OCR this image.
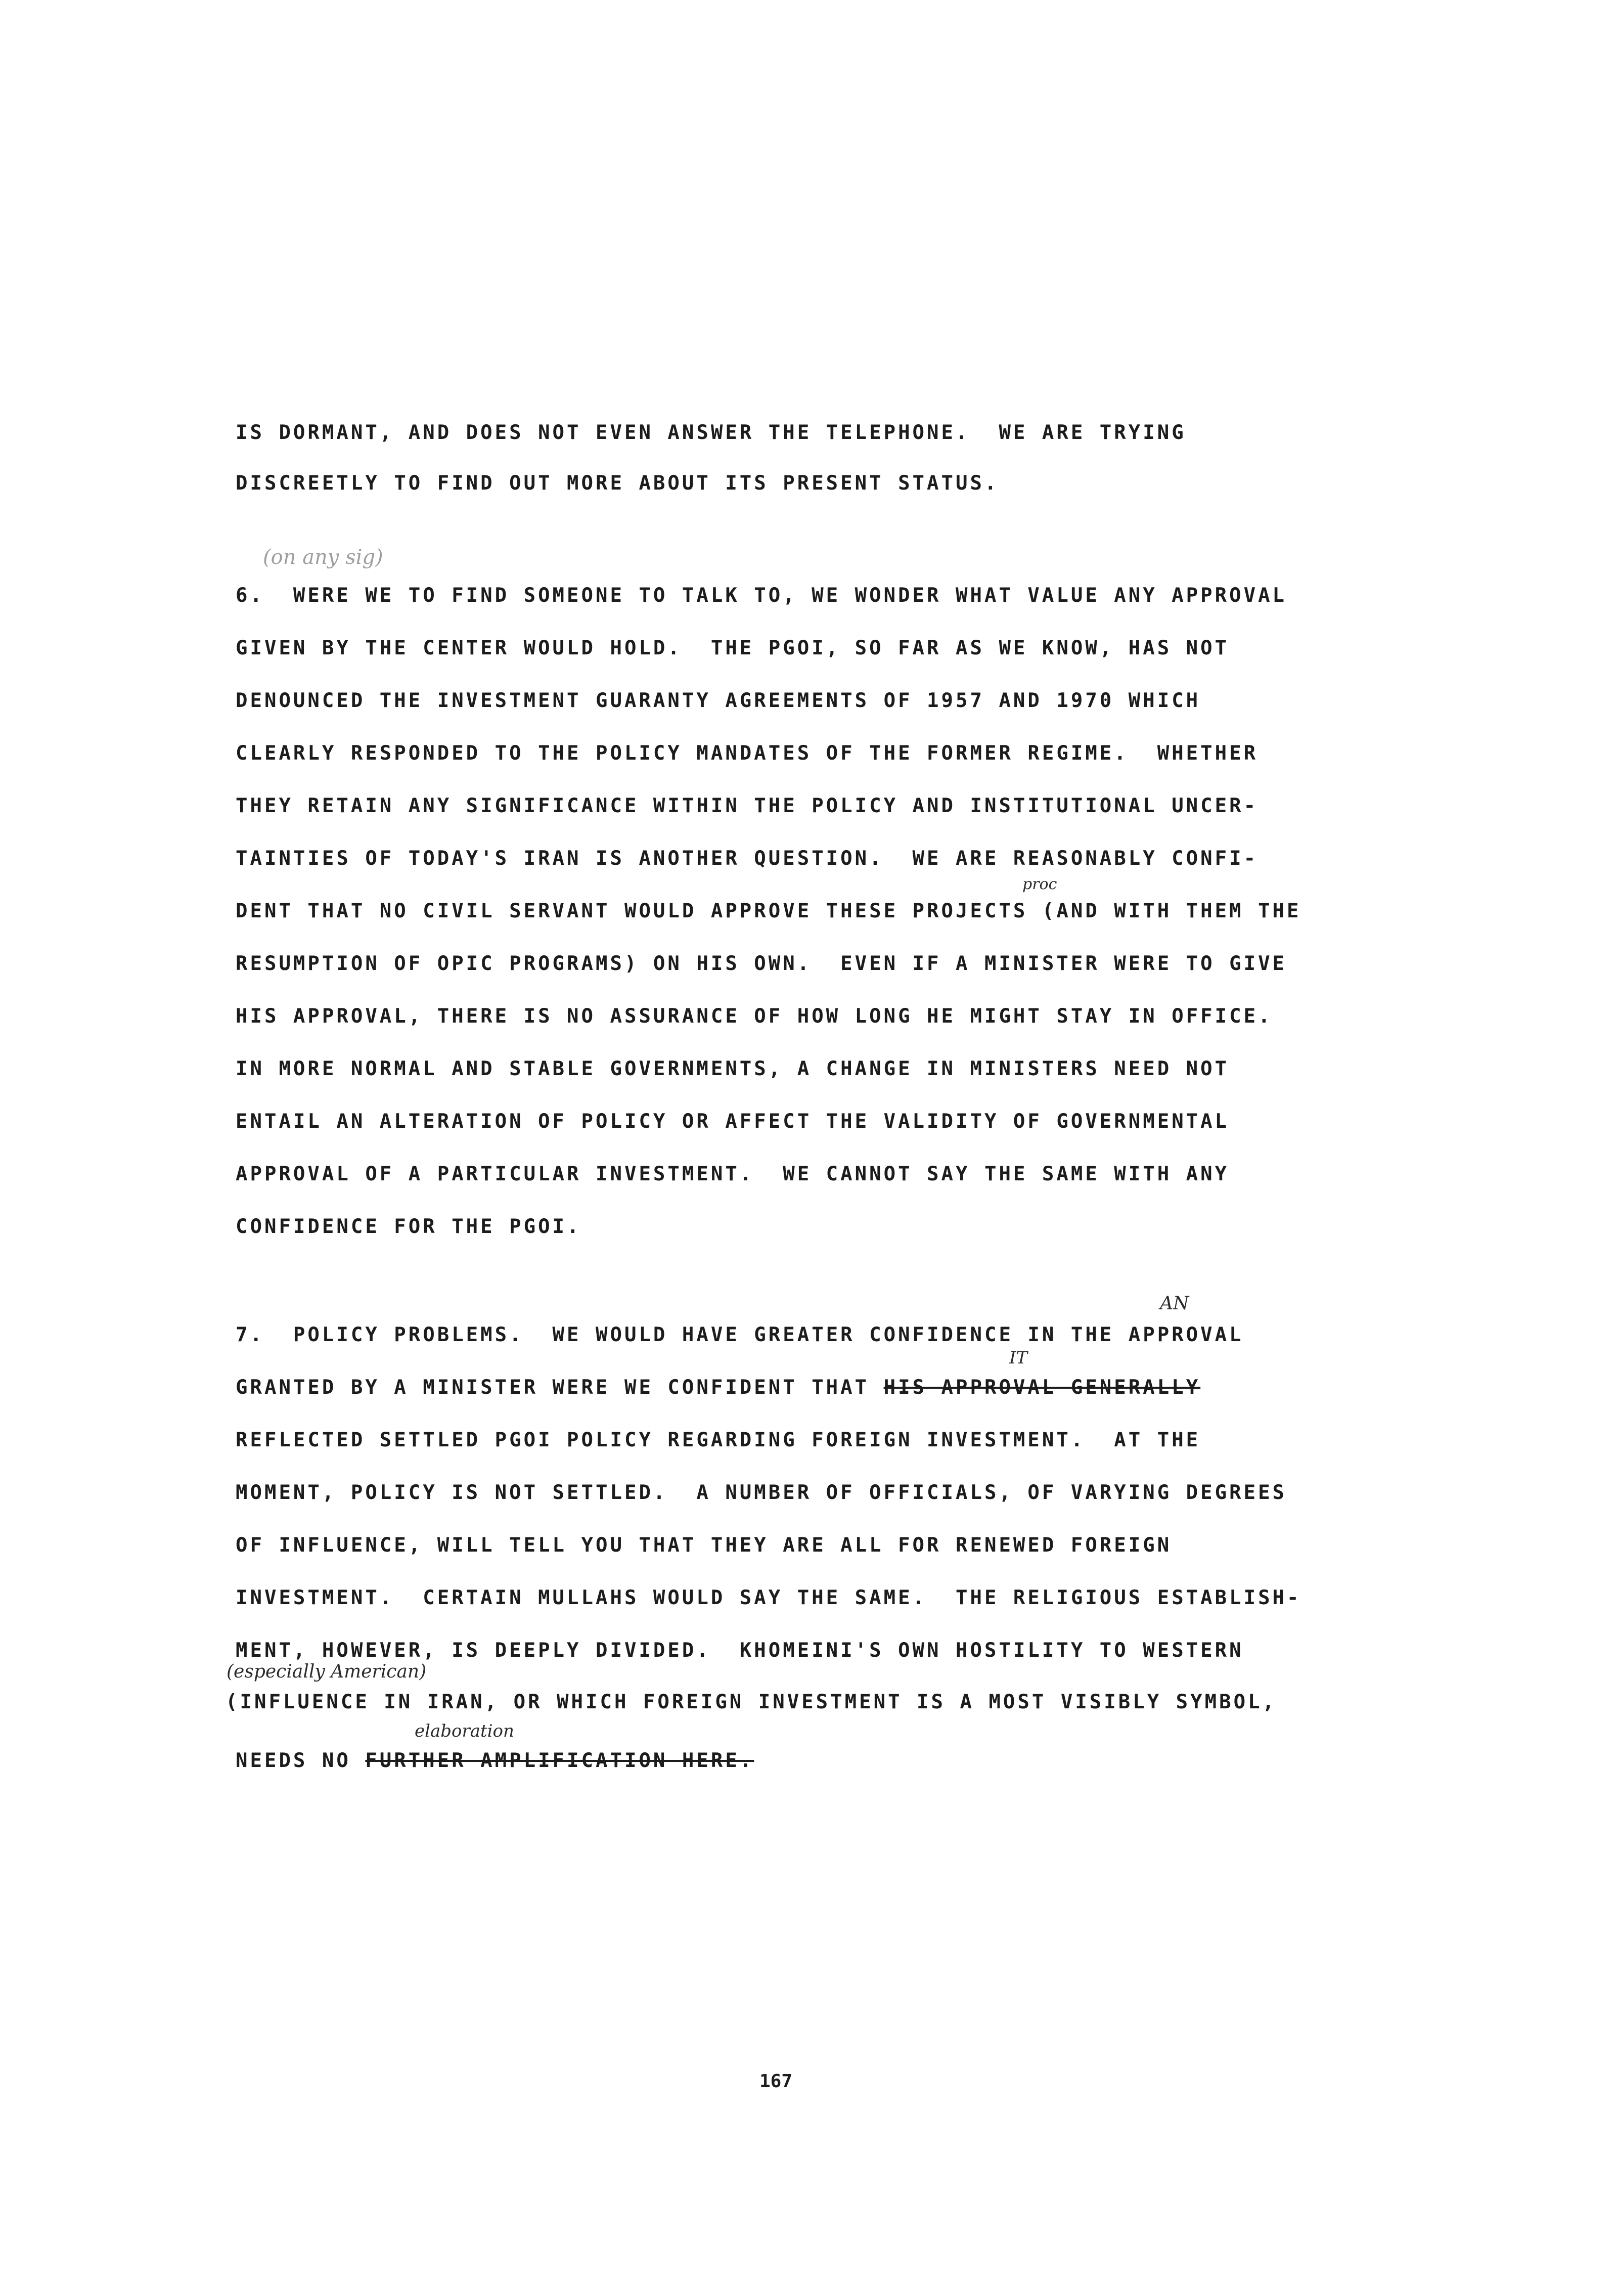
IS DORMANT, AND DOES NOT EVEN ANSWER THE TELEPHONE.  WE ARE TRYING
DISCREETLY TO FIND OUT MORE ABOUT ITS PRESENT STATUS.
(on any sig)
6.  WERE WE TO FIND SOMEONE TO TALK TO, WE WONDER WHAT VALUE ANY APPROVAL
GIVEN BY THE CENTER WOULD HOLD.  THE PGOI, SO FAR AS WE KNOW, HAS NOT
DENOUNCED THE INVESTMENT GUARANTY AGREEMENTS OF 1957 AND 1970 WHICH
CLEARLY RESPONDED TO THE POLICY MANDATES OF THE FORMER REGIME.  WHETHER
THEY RETAIN ANY SIGNIFICANCE WITHIN THE POLICY AND INSTITUTIONAL UNCER-
TAINTIES OF TODAY'S IRAN IS ANOTHER QUESTION.  WE ARE REASONABLY CONFI-
proc
DENT THAT NO CIVIL SERVANT WOULD APPROVE THESE PROJECTS (AND WITH THEM THE
RESUMPTION OF OPIC PROGRAMS) ON HIS OWN.  EVEN IF A MINISTER WERE TO GIVE
HIS APPROVAL, THERE IS NO ASSURANCE OF HOW LONG HE MIGHT STAY IN OFFICE.
IN MORE NORMAL AND STABLE GOVERNMENTS, A CHANGE IN MINISTERS NEED NOT
ENTAIL AN ALTERATION OF POLICY OR AFFECT THE VALIDITY OF GOVERNMENTAL
APPROVAL OF A PARTICULAR INVESTMENT.  WE CANNOT SAY THE SAME WITH ANY
CONFIDENCE FOR THE PGOI.
AN
7.  POLICY PROBLEMS.  WE WOULD HAVE GREATER CONFIDENCE IN THE APPROVAL
IT
GRANTED BY A MINISTER WERE WE CONFIDENT THAT HIS APPROVAL GENERALLY
REFLECTED SETTLED PGOI POLICY REGARDING FOREIGN INVESTMENT.  AT THE
MOMENT, POLICY IS NOT SETTLED.  A NUMBER OF OFFICIALS, OF VARYING DEGREES
OF INFLUENCE, WILL TELL YOU THAT THEY ARE ALL FOR RENEWED FOREIGN
INVESTMENT.  CERTAIN MULLAHS WOULD SAY THE SAME.  THE RELIGIOUS ESTABLISH-
MENT, HOWEVER, IS DEEPLY DIVIDED.  KHOMEINI'S OWN HOSTILITY TO WESTERN
(especially American)
(INFLUENCE IN IRAN, OR WHICH FOREIGN INVESTMENT IS A MOST VISIBLY SYMBOL,
elaboration
NEEDS NO FURTHER AMPLIFICATION HERE.
167
